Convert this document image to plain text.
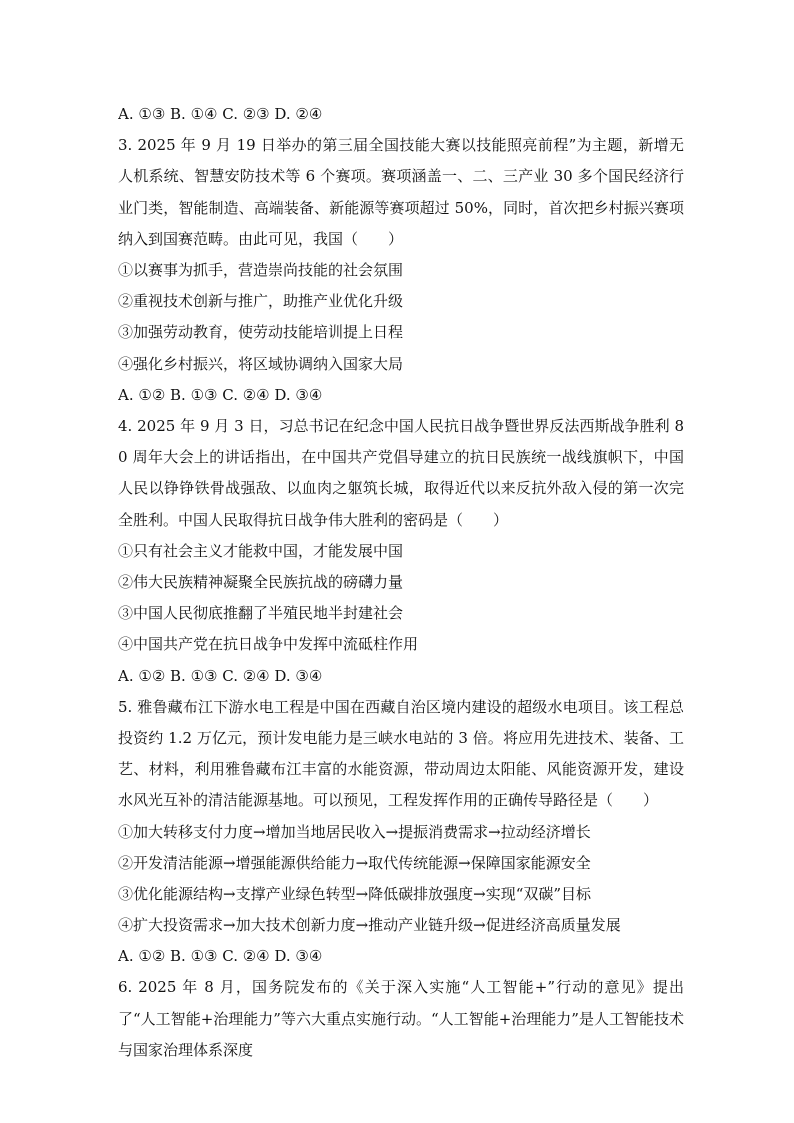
A. ①③ B. ①④ C. ②③ D. ②④
3. 2025 年 9 月 19 日举办的第三届全国技能大赛以技能照亮前程”为主题，新增无人机系统、智慧安防技术等 6 个赛项。赛项涵盖一、二、三产业 30 多个国民经济行业门类，智能制造、高端装备、新能源等赛项超过 50%，同时，首次把乡村振兴赛项纳入到国赛范畴。由此可见，我国（　　）
①以赛事为抓手，营造崇尚技能的社会氛围
②重视技术创新与推广，助推产业优化升级
③加强劳动教育，使劳动技能培训提上日程
④强化乡村振兴，将区域协调纳入国家大局
A. ①② B. ①③ C. ②④ D. ③④
4. 2025 年 9 月 3 日，习总书记在纪念中国人民抗日战争暨世界反法西斯战争胜利 80 周年大会上的讲话指出，在中国共产党倡导建立的抗日民族统一战线旗帜下，中国人民以铮铮铁骨战强敌、以血肉之躯筑长城，取得近代以来反抗外敌入侵的第一次完全胜利。中国人民取得抗日战争伟大胜利的密码是（　　）
①只有社会主义才能救中国，才能发展中国
②伟大民族精神凝聚全民族抗战的磅礴力量
③中国人民彻底推翻了半殖民地半封建社会
④中国共产党在抗日战争中发挥中流砥柱作用
A. ①② B. ①③ C. ②④ D. ③④
5. 雅鲁藏布江下游水电工程是中国在西藏自治区境内建设的超级水电项目。该工程总投资约 1.2 万亿元，预计发电能力是三峡水电站的 3 倍。将应用先进技术、装备、工艺、材料，利用雅鲁藏布江丰富的水能资源，带动周边太阳能、风能资源开发，建设水风光互补的清洁能源基地。可以预见，工程发挥作用的正确传导路径是（　　）
①加大转移支付力度→增加当地居民收入→提振消费需求→拉动经济增长
②开发清洁能源→增强能源供给能力→取代传统能源→保障国家能源安全
③优化能源结构→支撑产业绿色转型→降低碳排放强度→实现“双碳”目标
④扩大投资需求→加大技术创新力度→推动产业链升级→促进经济高质量发展
A. ①② B. ①③ C. ②④ D. ③④
6. 2025 年 8 月，国务院发布的《关于深入实施“人工智能+”行动的意见》提出了“人工智能+治理能力”等六大重点实施行动。“人工智能+治理能力”是人工智能技术与国家治理体系深度
